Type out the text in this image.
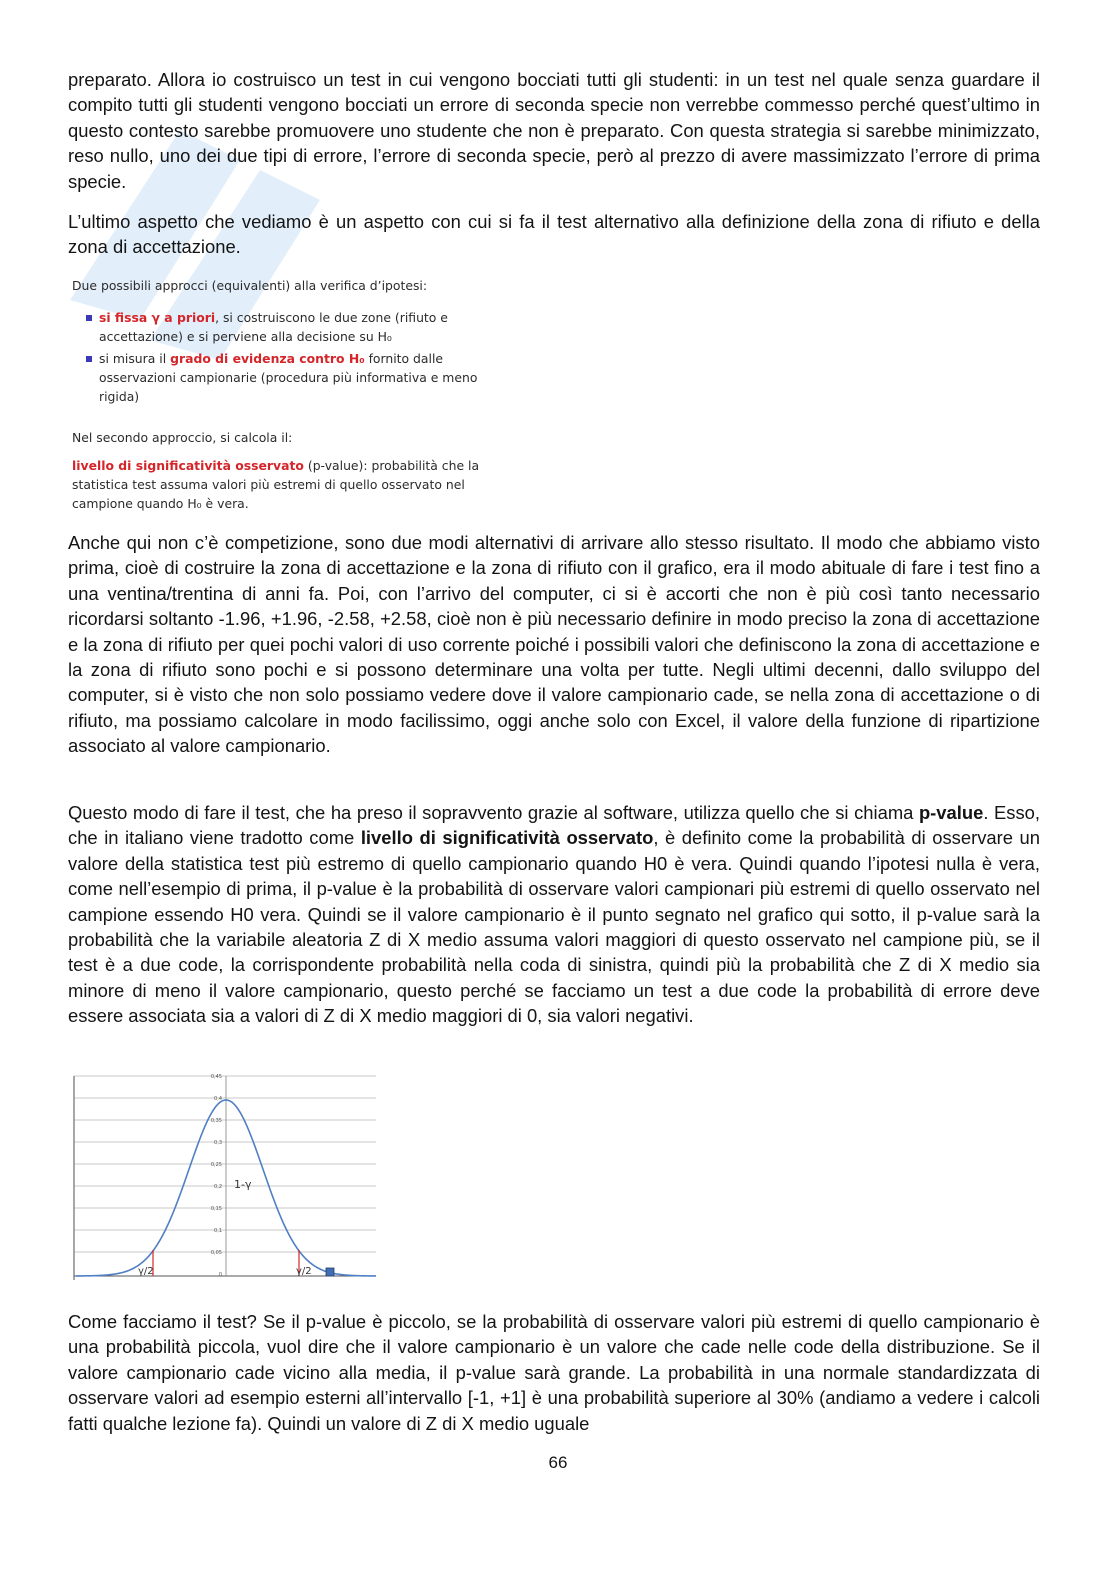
preparato. Allora io costruisco un test in cui vengono bocciati tutti gli studenti: in un test nel quale senza guardare il compito tutti gli studenti vengono bocciati un errore di seconda specie non verrebbe commesso perché quest’ultimo in questo contesto sarebbe promuovere uno studente che non è preparato. Con questa strategia si sarebbe minimizzato, reso nullo, uno dei due tipi di errore, l’errore di seconda specie, però al prezzo di avere massimizzato l’errore di prima specie.

L’ultimo aspetto che vediamo è un aspetto con cui si fa il test alternativo alla definizione della zona di rifiuto e della zona di accettazione.

Due possibili approcci (equivalenti) alla verifica d’ipotesi:
si fissa γ a priori, si costruiscono le due zone (rifiuto e
accettazione) e si perviene alla decisione su H₀
si misura il grado di evidenza contro H₀ fornito dalle
osservazioni campionarie (procedura più informativa e meno
rigida)
Nel secondo approccio, si calcola il:
livello di significatività osservato (p-value): probabilità che la
statistica test assuma valori più estremi di quello osservato nel
campione quando H₀ è vera.

Anche qui non c’è competizione, sono due modi alternativi di arrivare allo stesso risultato. Il modo che abbiamo visto prima, cioè di costruire la zona di accettazione e la zona di rifiuto con il grafico, era il modo abituale di fare i test fino a una ventina/trentina di anni fa. Poi, con l’arrivo del computer, ci si è accorti che non è più così tanto necessario ricordarsi soltanto -1.96, +1.96, -2.58, +2.58, cioè non è più necessario definire in modo preciso la zona di accettazione e la zona di rifiuto per quei pochi valori di uso corrente poiché i possibili valori che definiscono la zona di accettazione e la zona di rifiuto sono pochi e si possono determinare una volta per tutte. Negli ultimi decenni, dallo sviluppo del computer, si è visto che non solo possiamo vedere dove il valore campionario cade, se nella zona di accettazione o di rifiuto, ma possiamo calcolare in modo facilissimo, oggi anche solo con Excel, il valore della funzione di ripartizione associato al valore campionario.

Questo modo di fare il test, che ha preso il sopravvento grazie al software, utilizza quello che si chiama p-value. Esso, che in italiano viene tradotto come livello di significatività osservato, è definito come la probabilità di osservare un valore della statistica test più estremo di quello campionario quando H0 è vera. Quindi quando l’ipotesi nulla è vera, come nell’esempio di prima, il p-value è la probabilità di osservare valori campionari più estremi di quello osservato nel campione essendo H0 vera. Quindi se il valore campionario è il punto segnato nel grafico qui sotto, il p-value sarà la probabilità che la variabile aleatoria Z di X medio assuma valori maggiori di questo osservato nel campione più, se il test è a due code, la corrispondente probabilità nella coda di sinistra, quindi più la probabilità che Z di X medio sia minore di meno il valore campionario, questo perché se facciamo un test a due code la probabilità di errore deve essere associata sia a valori di Z di X medio maggiori di 0, sia valori negativi.

0,45
0,4
0,35
0,3
0,25
0,2
0,15
0,1
0,05
0
1-γ
γ/2	γ/2

Come facciamo il test? Se il p-value è piccolo, se la probabilità di osservare valori più estremi di quello campionario è una probabilità piccola, vuol dire che il valore campionario è un valore che cade nelle code della distribuzione. Se il valore campionario cade vicino alla media, il p-value sarà grande. La probabilità in una normale standardizzata di osservare valori ad esempio esterni all’intervallo [-1, +1] è una probabilità superiore al 30% (andiamo a vedere i calcoli fatti qualche lezione fa). Quindi un valore di Z di X medio uguale

66
